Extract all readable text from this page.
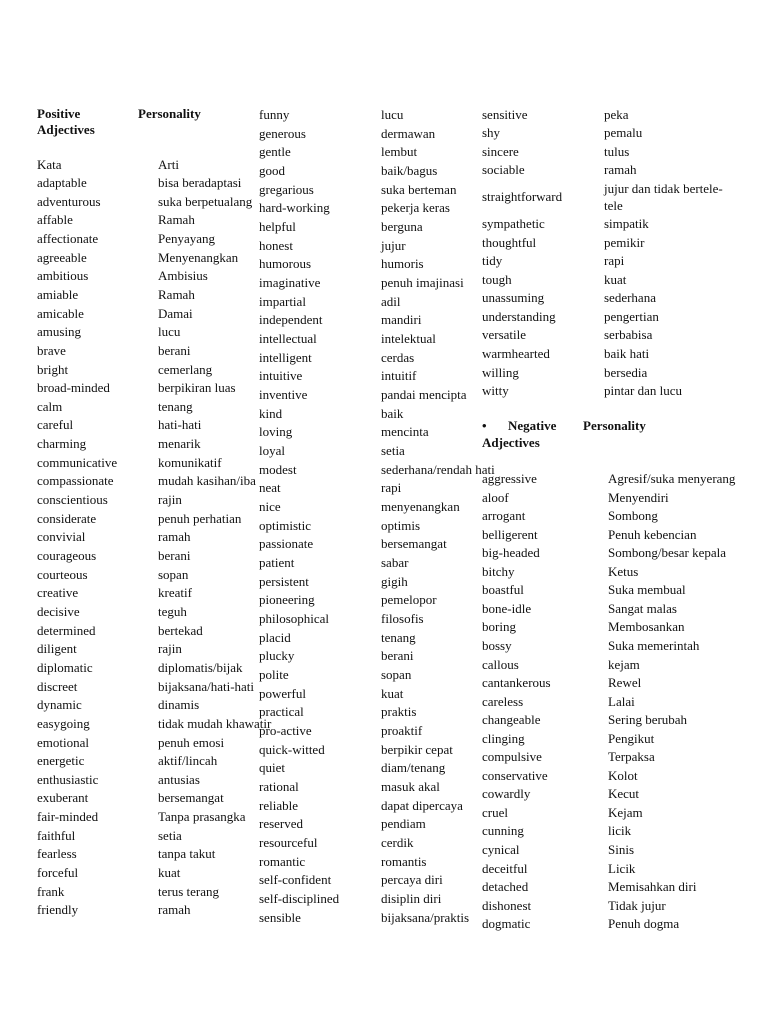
Positive	Personality
Adjectives
Kata	Arti
adaptable	bisa beradaptasi
adventurous	suka berpetualang
affable	Ramah
affectionate	Penyayang
agreeable	Menyenangkan
ambitious	Ambisius
amiable	Ramah
amicable	Damai
amusing	lucu
brave	berani
bright	cemerlang
broad-minded	berpikiran luas
calm	tenang
careful	hati-hati
charming	menarik
communicative	komunikatif
compassionate	mudah kasihan/iba
conscientious	rajin
considerate	penuh perhatian
convivial	ramah
courageous	berani
courteous	sopan
creative	kreatif
decisive	teguh
determined	bertekad
diligent	rajin
diplomatic	diplomatis/bijak
discreet	bijaksana/hati-hati
dynamic	dinamis
easygoing	tidak mudah khawatir
emotional	penuh emosi
energetic	aktif/lincah
enthusiastic	antusias
exuberant	bersemangat
fair-minded	Tanpa prasangka
faithful	setia
fearless	tanpa takut
forceful	kuat
frank	terus terang
friendly	ramah
funny	lucu
generous	dermawan
gentle	lembut
good	baik/bagus
gregarious	suka berteman
hard-working	pekerja keras
helpful	berguna
honest	jujur
humorous	humoris
imaginative	penuh imajinasi
impartial	adil
independent	mandiri
intellectual	intelektual
intelligent	cerdas
intuitive	intuitif
inventive	pandai mencipta
kind	baik
loving	mencinta
loyal	setia
modest	sederhana/rendah hati
neat	rapi
nice	menyenangkan
optimistic	optimis
passionate	bersemangat
patient	sabar
persistent	gigih
pioneering	pemelopor
philosophical	filosofis
placid	tenang
plucky	berani
polite	sopan
powerful	kuat
practical	praktis
pro-active	proaktif
quick-witted	berpikir cepat
quiet	diam/tenang
rational	masuk akal
reliable	dapat dipercaya
reserved	pendiam
resourceful	cerdik
romantic	romantis
self-confident	percaya diri
self-disciplined	disiplin diri
sensible	bijaksana/praktis
sensitive	peka
shy	pemalu
sincere	tulus
sociable	ramah
straightforward
jujur dan tidak bertele-
tele
sympathetic	simpatik
thoughtful	pemikir
tidy	rapi
tough	kuat
unassuming	sederhana
understanding	pengertian
versatile	serbabisa
warmhearted	baik hati
willing	bersedia
witty	pintar dan lucu
• Negative Personality
Adjectives
aggressive	Agresif/suka menyerang
aloof	Menyendiri
arrogant	Sombong
belligerent	Penuh kebencian
big-headed	Sombong/besar kepala
bitchy	Ketus
boastful	Suka membual
bone-idle	Sangat malas
boring	Membosankan
bossy	Suka memerintah
callous	kejam
cantankerous	Rewel
careless	Lalai
changeable	Sering berubah
clinging	Pengikut
compulsive	Terpaksa
conservative	Kolot
cowardly	Kecut
cruel	Kejam
cunning	licik
cynical	Sinis
deceitful	Licik
detached	Memisahkan diri
dishonest	Tidak jujur
dogmatic	Penuh dogma
